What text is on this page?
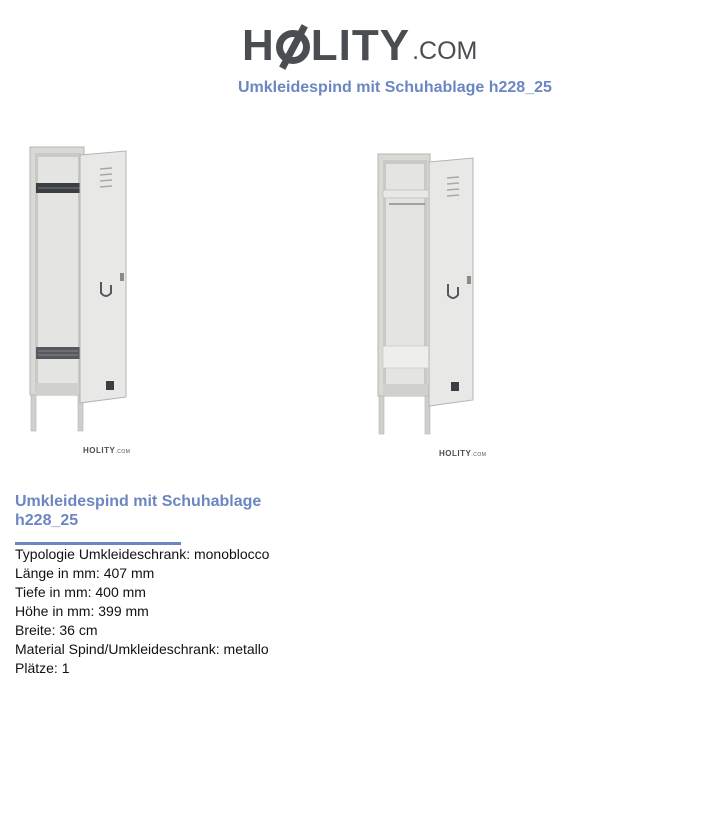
H LITY .COM
Umkleidespind mit Schuhablage h228_25
HOLITY.COM	HOLITY.COM
Umkleidespind mit Schuhablage h228_25
Typologie Umkleideschrank: monoblocco
Länge in mm: 407 mm
Tiefe in mm: 400 mm
Höhe in mm: 399 mm
Breite: 36 cm
Material Spind/Umkleideschrank: metallo
Plätze: 1
